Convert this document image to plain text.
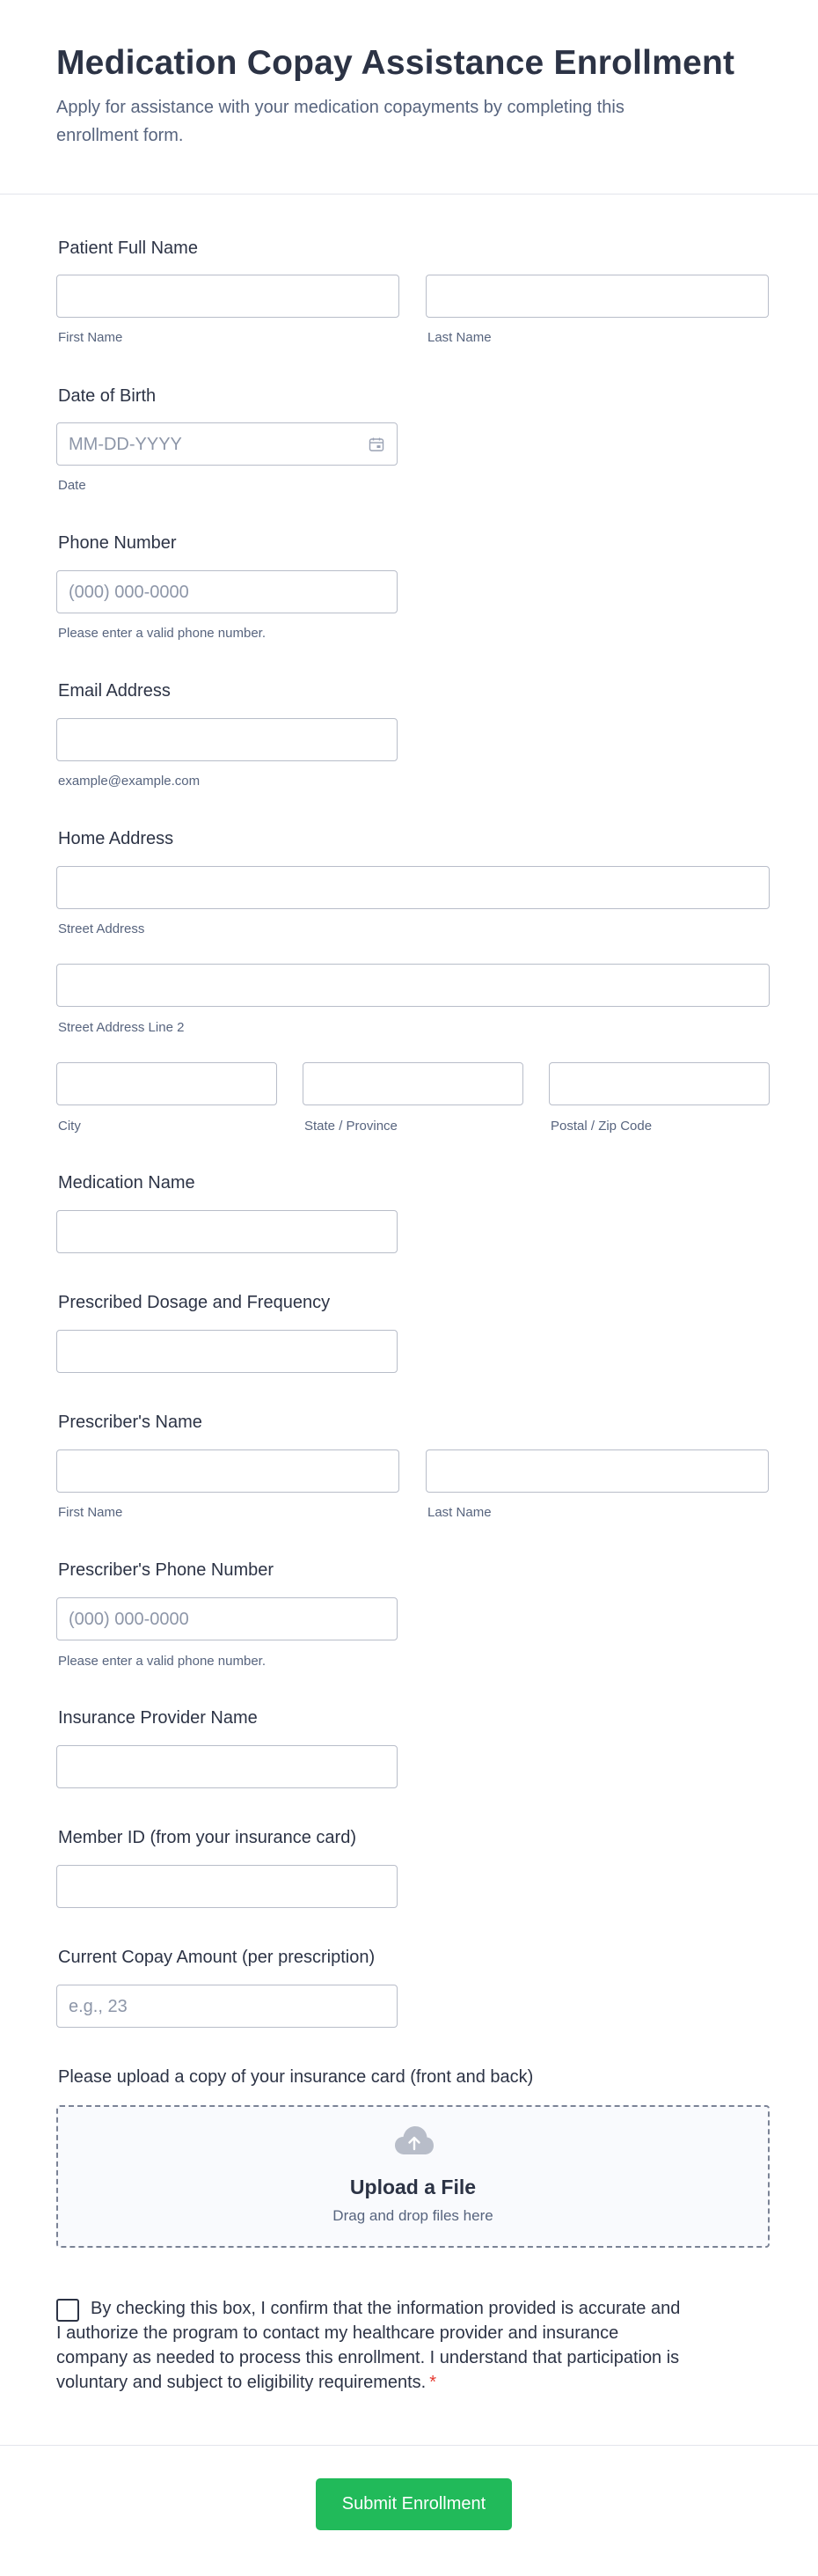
Medication Copay Assistance Enrollment
Apply for assistance with your medication copayments by completing this enrollment form.
Patient Full Name
First Name	Last Name
Date of Birth
MM-DD-YYYY
Date
Phone Number
(000) 000-0000
Please enter a valid phone number.
Email Address
example@example.com
Home Address
Street Address
Street Address Line 2
City	State / Province	Postal / Zip Code
Medication Name
Prescribed Dosage and Frequency
Prescriber's Name
First Name	Last Name
Prescriber's Phone Number
(000) 000-0000
Please enter a valid phone number.
Insurance Provider Name
Member ID (from your insurance card)
Current Copay Amount (per prescription)
e.g., 23
Please upload a copy of your insurance card (front and back)
Upload a File
Drag and drop files here
By checking this box, I confirm that the information provided is accurate and I authorize the program to contact my healthcare provider and insurance company as needed to process this enrollment. I understand that participation is voluntary and subject to eligibility requirements. *
Submit Enrollment
